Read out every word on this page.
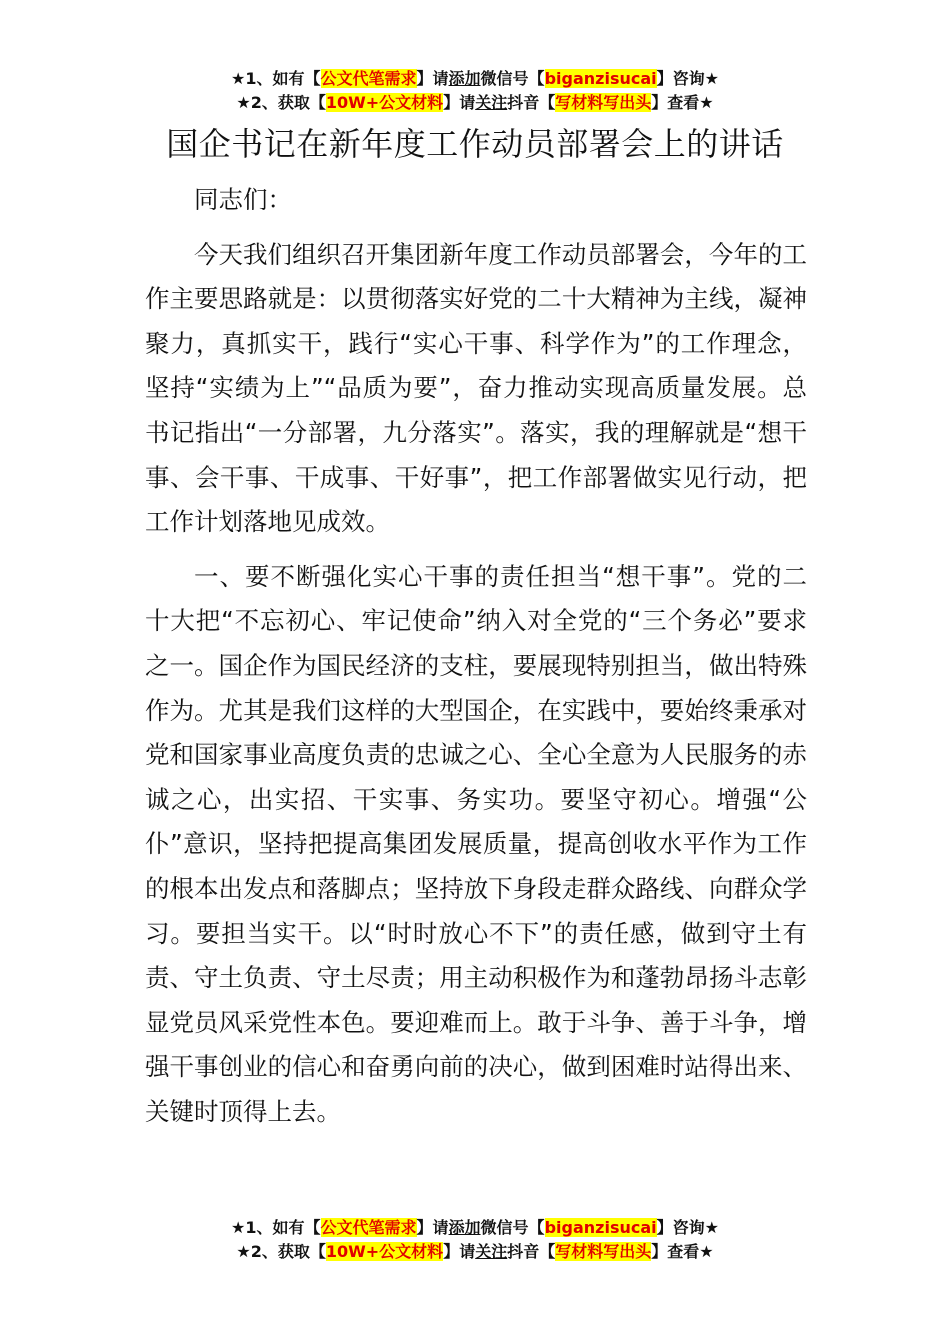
★1、如有【公文代笔需求】请添加微信号【biganzisucai】咨询★
★2、获取【10W+公文材料】请关注抖音【写材料写出头】查看★
国企书记在新年度工作动员部署会上的讲话

同志们：

今天我们组织召开集团新年度工作动员部署会，今年的工作主要思路就是：以贯彻落实好党的二十大精神为主线，凝神聚力，真抓实干，践行“实心干事、科学作为”的工作理念，坚持“实绩为上”“品质为要”，奋力推动实现高质量发展。总书记指出“一分部署，九分落实”。落实，我的理解就是“想干事、会干事、干成事、干好事”，把工作部署做实见行动，把工作计划落地见成效。

一、要不断强化实心干事的责任担当“想干事”。党的二十大把“不忘初心、牢记使命”纳入对全党的“三个务必”要求之一。国企作为国民经济的支柱，要展现特别担当，做出特殊作为。尤其是我们这样的大型国企，在实践中，要始终秉承对党和国家事业高度负责的忠诚之心、全心全意为人民服务的赤诚之心，出实招、干实事、务实功。要坚守初心。增强“公仆”意识，坚持把提高集团发展质量，提高创收水平作为工作的根本出发点和落脚点；坚持放下身段走群众路线、向群众学习。要担当实干。以“时时放心不下”的责任感，做到守土有责、守土负责、守土尽责；用主动积极作为和蓬勃昂扬斗志彰显党员风采党性本色。要迎难而上。敢于斗争、善于斗争，增强干事创业的信心和奋勇向前的决心，做到困难时站得出来、关键时顶得上去。

★1、如有【公文代笔需求】请添加微信号【biganzisucai】咨询★
★2、获取【10W+公文材料】请关注抖音【写材料写出头】查看★
